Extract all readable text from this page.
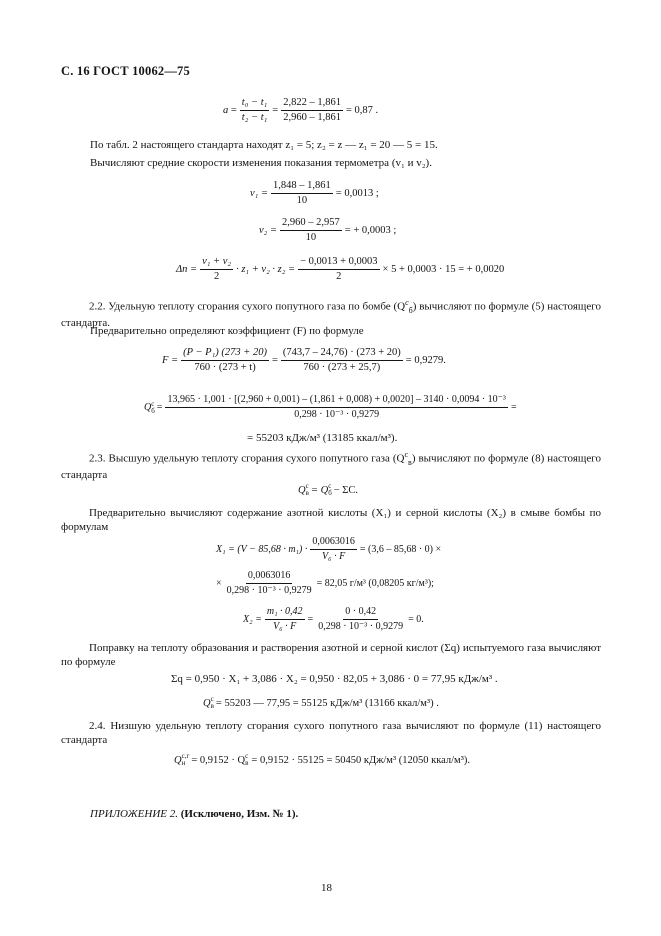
С. 16 ГОСТ 10062—75
a
= $\frac{\text{t₀ − t₁}}{\text{t₂ − t₁}} = \frac{2,822 - 1,861}{2,960 - 1,861} = 0,87$ .
По табл. 2 настоящего стандарта находят z₁ = 5; z₂ = z — z₁ = 20 — 5 = 15.
Вычисляют средние скорости изменения показания термометра (v₁ и v₂).
$v_1 = \frac{1,848 - 1,861}{10} = 0,0013$ ;
$v_2 = \frac{2,960 - 2,957}{10}$ = + 0,0003 ;
$\Delta n = \frac{\text{v₁ + v₂}}{2} \cdot z_1 + v_2 \cdot z_2 = \frac{- 0,0013 + 0,0003}{2} \times 5 + 0,0003 \cdot 15$ = + 0,0020
2.2. Удельную теплоту сгорания сухого попутного газа по бомбе $(Q^с_б)$ вычисляют по формуле (5) настоящего стандарта.
Предварительно определяют коэффициент (F) по формуле
$F = \frac{\text{(P − P₁) (273 + 20)}}{760 \cdot (273 + t)} = \frac{(743,7 - 24,76) \cdot (273 + 20)}{760 \cdot (273 + 25,7)} = 0,9279$.
Q с
б =
13,965 · 1,001 · [(2,960 + 0,001) – (1,861 + 0,008) + 0,0020] – 3140 · 0,0094 · 10⁻³
0,298 · 10⁻³ · 0,9279
=
= 55203 кДж/м³ (13185 ккал/м³).
2.3. Высшую удельную теплоту сгорания сухого попутного газа $(Q^с_в)$ вычисляют по формуле (8) настоящего стандарта
Q с
в = Q с
б − ΣC.
Предварительно вычисляют содержание азотной кислоты (X₁) и серной кислоты (X₂) в смыве бомбы по формулам
$X_1 = (V - 85,68 \cdot m_1) \cdot \frac{0,0063016}{\text{V₆ · F}} = (3,6 - 85,68 \cdot 0)$ ×
× $\frac{0,0063016}{\text{0,298 · 10⁻³ · 0,9279}} = 82,05$ г/м³ (0,08205 кг/м³);
$X_2 = \frac{\text{m₁ · 0,42}}{\text{V₆ · F}} = \frac{0 \cdot 0,42}{\text{0,298 · 10⁻³ · 0,9279}} = 0$.
Поправку на теплоту образования и растворения азотной и серной кислот (Σq) испытуемого газа вычисляют по формуле
Σq = 0,950 · X₁ + 3,086 · X₂ = 0,950 · 82,05 + 3,086 · 0 = 77,95 кДж/м³ .
Q с
в = 55203 — 77,95 = 55125 кДж/м³ (13166 ккал/м³) .
2.4. Низшую удельную теплоту сгорания сухого попутного газа вычисляют по формуле (11) настоящего стандарта
Q с,г
н = 0,9152 · Q с
в = 0,9152 · 55125 = 50450 кДж/м³ (12050 ккал/м³).
ПРИЛОЖЕНИЕ 2. (Исключено, Изм. № 1).
18
